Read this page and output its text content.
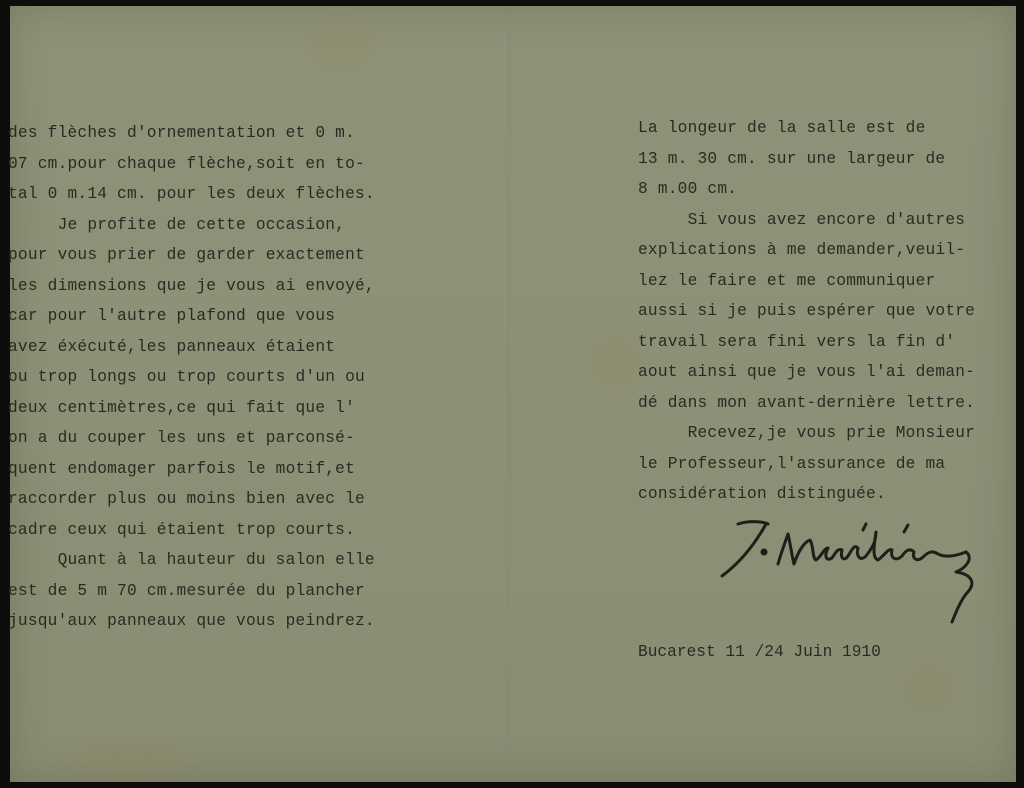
des flèches d'ornementation et 0 m.
07 cm.pour chaque flèche,soit en to-
tal 0 m.14 cm. pour les deux flèches.
Je profite de cette occasion,
pour vous prier de garder exactement
les dimensions que je vous ai envoyé,
car pour l'autre plafond que vous
avez éxécuté,les panneaux étaient
ou trop longs ou trop courts d'un ou
deux centimètres,ce qui fait que l'
on a du couper les uns et parconsé-
quent endomager parfois le motif,et
raccorder plus ou moins bien avec le
cadre ceux qui étaient trop courts.
Quant à la hauteur du salon elle
est de 5 m 70 cm.mesurée du plancher
jusqu'aux panneaux que vous peindrez.
La longeur de la salle est de
13 m. 30 cm. sur une largeur de
8 m.00 cm.
Si vous avez encore d'autres
explications à me demander,veuil-
lez le faire et me communiquer
aussi si je puis espérer que votre
travail sera fini vers la fin d'
aout ainsi que je vous l'ai deman-
dé dans mon avant-dernière lettre.
Recevez,je vous prie Monsieur
le Professeur,l'assurance de ma
considération distinguée.
Bucarest 11 /24 Juin 1910
